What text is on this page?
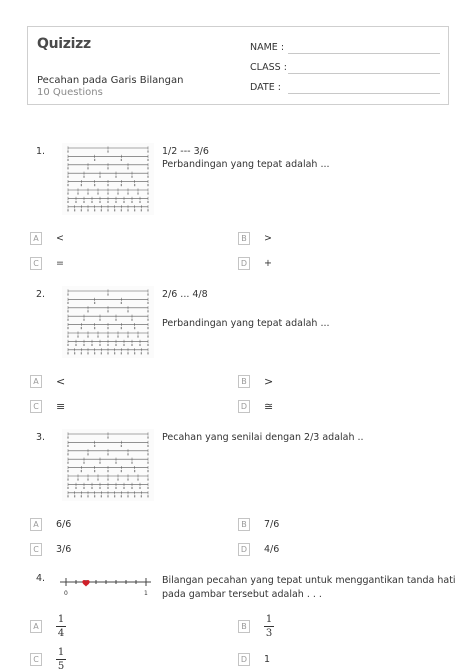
Quizizz
Pecahan pada Garis Bilangan
10 Questions
NAME :
CLASS :
DATE :
1.	1/2 --- 3/6
Perbandingan yang tepat adalah ...
A	<	B	>
C	=	D	+
2.	2/6 ... 4/8
Perbandingan yang tepat adalah ...
A <	B >
C ≡	D ≅
3.	Pecahan yang senilai dengan 2/3 adalah ..
A	6/6	B	7/6
C	3/6	D	4/6
4.
0	1
Bilangan pecahan yang tepat untuk menggantikan tanda hati
pada gambar tersebut adalah . . .
A
1
4
B
1
3
C
1
5
D	1
